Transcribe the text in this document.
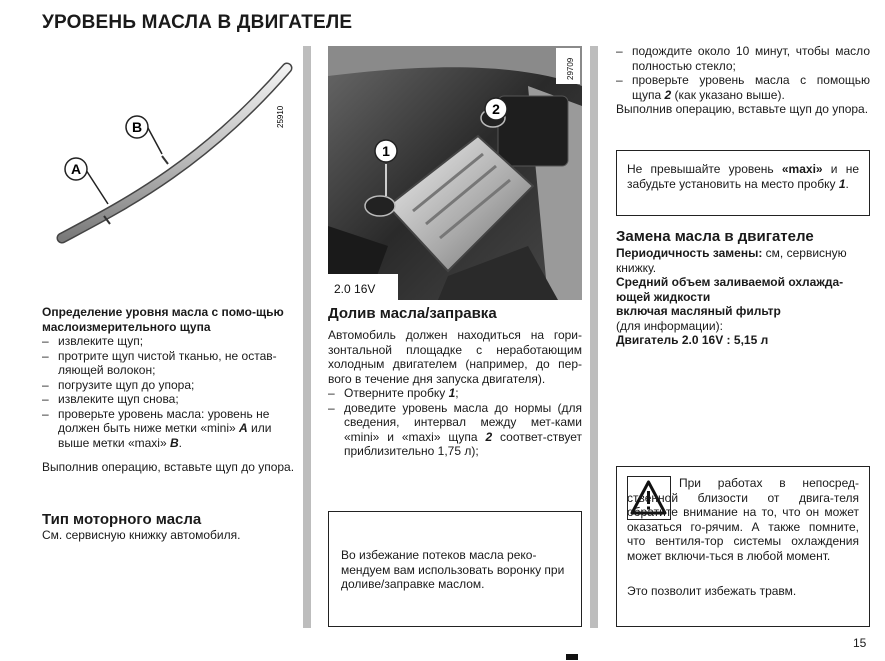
УРОВЕНЬ МАСЛА В ДВИГАТЕЛЕ
A
B	25910
Определение уровня масла с помо-щью маслоизмерительного щупа
– извлеките щуп;
– протрите щуп чистой тканью, не остав-ляющей волокон;
– погрузите щуп до упора;
– извлеките щуп снова;
– проверьте уровень масла: уровень не должен быть ниже метки «mini» A или выше метки «maxi» B.
Выполнив операцию, вставьте щуп до упора.
Тип моторного масла
См. сервисную книжку автомобиля.
1
2
29709
2.0 16V
Долив масла/заправка
Автомобиль должен находиться на гори-зонтальной площадке с неработающим холодным двигателем (например, до пер-вого в течение дня запуска двигателя).
– Отверните пробку 1;
– доведите уровень масла до нормы (для сведения, интервал между мет-ками «mini» и «maxi» щупа 2 соответ-ствует приблизительно 1,75 л);
Во избежание потеков масла реко-мендуем вам использовать воронку при доливе/заправке маслом.
– подождите около 10 минут, чтобы масло полностью стекло;
– проверьте уровень масла с помощью щупа 2 (как указано выше).
Выполнив операцию, вставьте щуп до упора.
Не превышайте уровень «maxi» и не забудьте установить на место пробку 1.
Замена масла в двигателе
Периодичность замены: см, сервисную книжку.
Средний объем заливаемой охлажда-ющей жидкости
включая масляный фильтр
(для информации):
Двигатель 2.0 16V : 5,15 л
При работах в непосред-ственной близости от двига-теля обратите внимание на то, что он может оказаться го-рячим. А также помните, что вентиля-тор системы охлаждения может включи-ться в любой момент.
Это позволит избежать травм.
15
